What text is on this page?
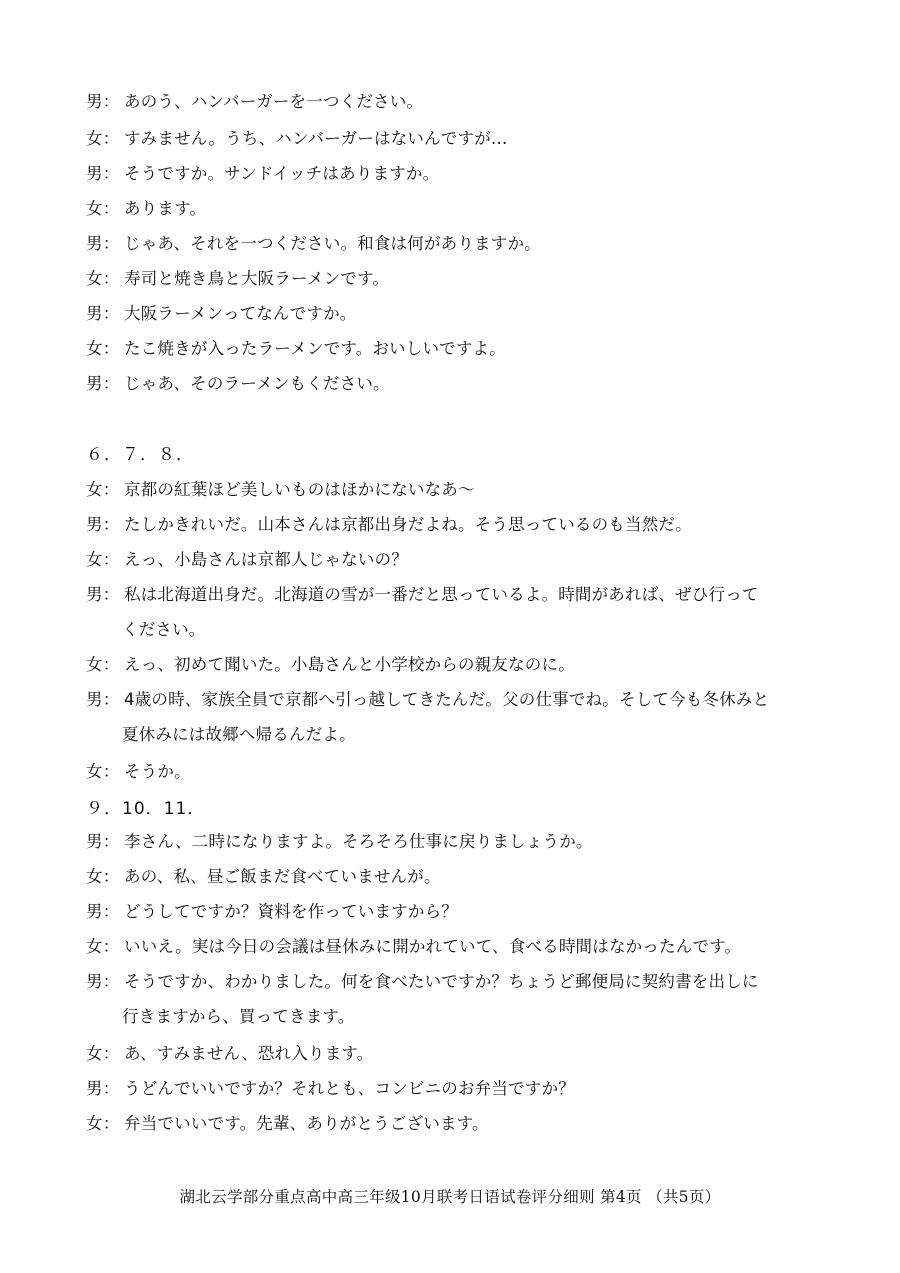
男： あのう、ハンバーガーを一つください。
女： すみません。うち、ハンバーガーはないんですが…
男： そうですか。サンドイッチはありますか。
女： あります。
男： じゃあ、それを一つください。和食は何がありますか。
女： 寿司と焼き鳥と大阪ラーメンです。
男： 大阪ラーメンってなんですか。
女： たこ焼きが入ったラーメンです。おいしいですよ。
男： じゃあ、そのラーメンもください。
６．７．８．
女： 京都の紅葉ほど美しいものはほかにないなあ～
男： たしかきれいだ。山本さんは京都出身だよね。そう思っているのも当然だ。
女： えっ、小島さんは京都人じゃないの？
男： 私は北海道出身だ。北海道の雪が一番だと思っているよ。時間があれば、ぜひ行って
ください。
女： えっ、初めて聞いた。小島さんと小学校からの親友なのに。
男： 4歳の時、家族全員で京都へ引っ越してきたんだ。父の仕事でね。そして今も冬休みと
夏休みには故郷へ帰るんだよ。
女： そうか。
９．10．11．
男： 李さん、二時になりますよ。そろそろ仕事に戻りましょうか。
女： あの、私、昼ご飯まだ食べていませんが。
男： どうしてですか？資料を作っていますから？
女： いいえ。実は今日の会議は昼休みに開かれていて、食べる時間はなかったんです。
男： そうですか、わかりました。何を食べたいですか？ちょうど郵便局に契約書を出しに
行きますから、買ってきます。
女： あ、すみません、恐れ入ります。
男： うどんでいいですか？それとも、コンビニのお弁当ですか？
女： 弁当でいいです。先輩、ありがとうございます。
湖北云学部分重点高中高三年级10月联考日语试卷评分细则 第4页 （共5页）
